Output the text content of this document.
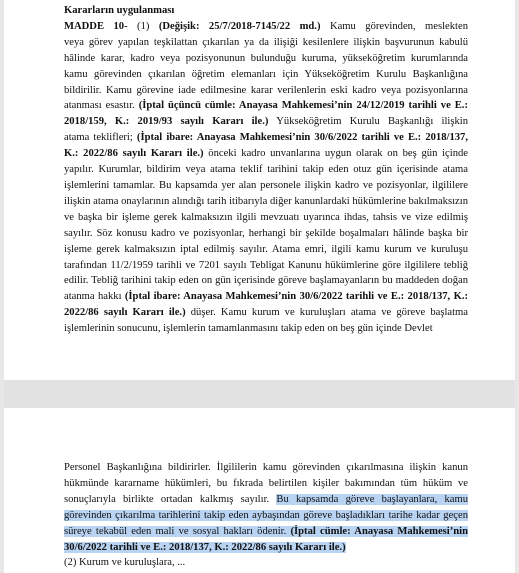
Kararların uygulanması
MADDE 10- (1) (Değişik: 25/7/2018-7145/22 md.) Kamu görevinden, meslekten
veya görev yapılan teşkilattan çıkarılan ya da ilişiği kesilenlere ilişkin başvurunun kabulü
hâlinde karar, kadro veya pozisyonunun bulunduğu kuruma, yükseköğretim kurumlarında
kamu görevinden çıkarılan öğretim elemanları için Yükseköğretim Kurulu Başkanlığına
bildirilir. Kamu görevine iade edilmesine karar verilenlerin eski kadro veya pozisyonlarına
atanması esastır. (İptal üçüncü cümle: Anayasa Mahkemesi’nin 24/12/2019 tarihli ve E.:
2018/159, K.: 2019/93 sayılı Kararı ile.) Yükseköğretim Kurulu Başkanlığı ilişkin
atama teklifleri; (İptal ibare: Anayasa Mahkemesi’nin 30/6/2022 tarihli ve E.: 2018/137,
K.: 2022/86 sayılı Kararı ile.) önceki kadro unvanlarına uygun olarak on beş gün içinde
yapılır. Kurumlar, bildirim veya atama teklif tarihini takip eden otuz gün içerisinde atama
işlemlerini tamamlar. Bu kapsamda yer alan personele ilişkin kadro ve pozisyonlar, ilgililere
ilişkin atama onaylarının alındığı tarih itibarıyla diğer kanunlardaki hükümlerine bakılmaksızın
ve başka bir işleme gerek kalmaksızın ilgili mevzuatı uyarınca ihdas, tahsis ve vize edilmiş
sayılır. Söz konusu kadro ve pozisyonlar, herhangi bir şekilde boşalmaları hâlinde başka bir
işleme gerek kalmaksızın iptal edilmiş sayılır. Atama emri, ilgili kamu kurum ve kuruluşu
tarafından 11/2/1959 tarihli ve 7201 sayılı Tebligat Kanunu hükümlerine göre ilgililere tebliğ
edilir. Tebliğ tarihini takip eden on gün içerisinde göreve başlamayanların bu maddeden doğan
atanma hakkı (İptal ibare: Anayasa Mahkemesi’nin 30/6/2022 tarihli ve E.: 2018/137, K.:
2022/86 sayılı Kararı ile.) düşer. Kamu kurum ve kuruluşları atama ve göreve başlatma
işlemlerinin sonucunu, işlemlerin tamamlanmasını takip eden on beş gün içinde Devlet
Personel Başkanlığına bildirirler. İlgililerin kamu görevinden çıkarılmasına ilişkin kanun
hükmünde kararname hükümleri, bu fıkrada belirtilen kişiler bakımından tüm hüküm ve
sonuçlarıyla birlikte ortadan kalkmış sayılır. Bu kapsamda göreve başlayanlara, kamu
görevinden çıkarılma tarihlerini takip eden aybaşından göreve başladıkları tarihe kadar geçen
süreye tekabül eden mali ve sosyal hakları ödenir. (İptal cümle: Anayasa Mahkemesi’nin
30/6/2022 tarihli ve E.: 2018/137, K.: 2022/86 sayılı Kararı ile.)
(2) Kurum ve kuruluşlara, ...
